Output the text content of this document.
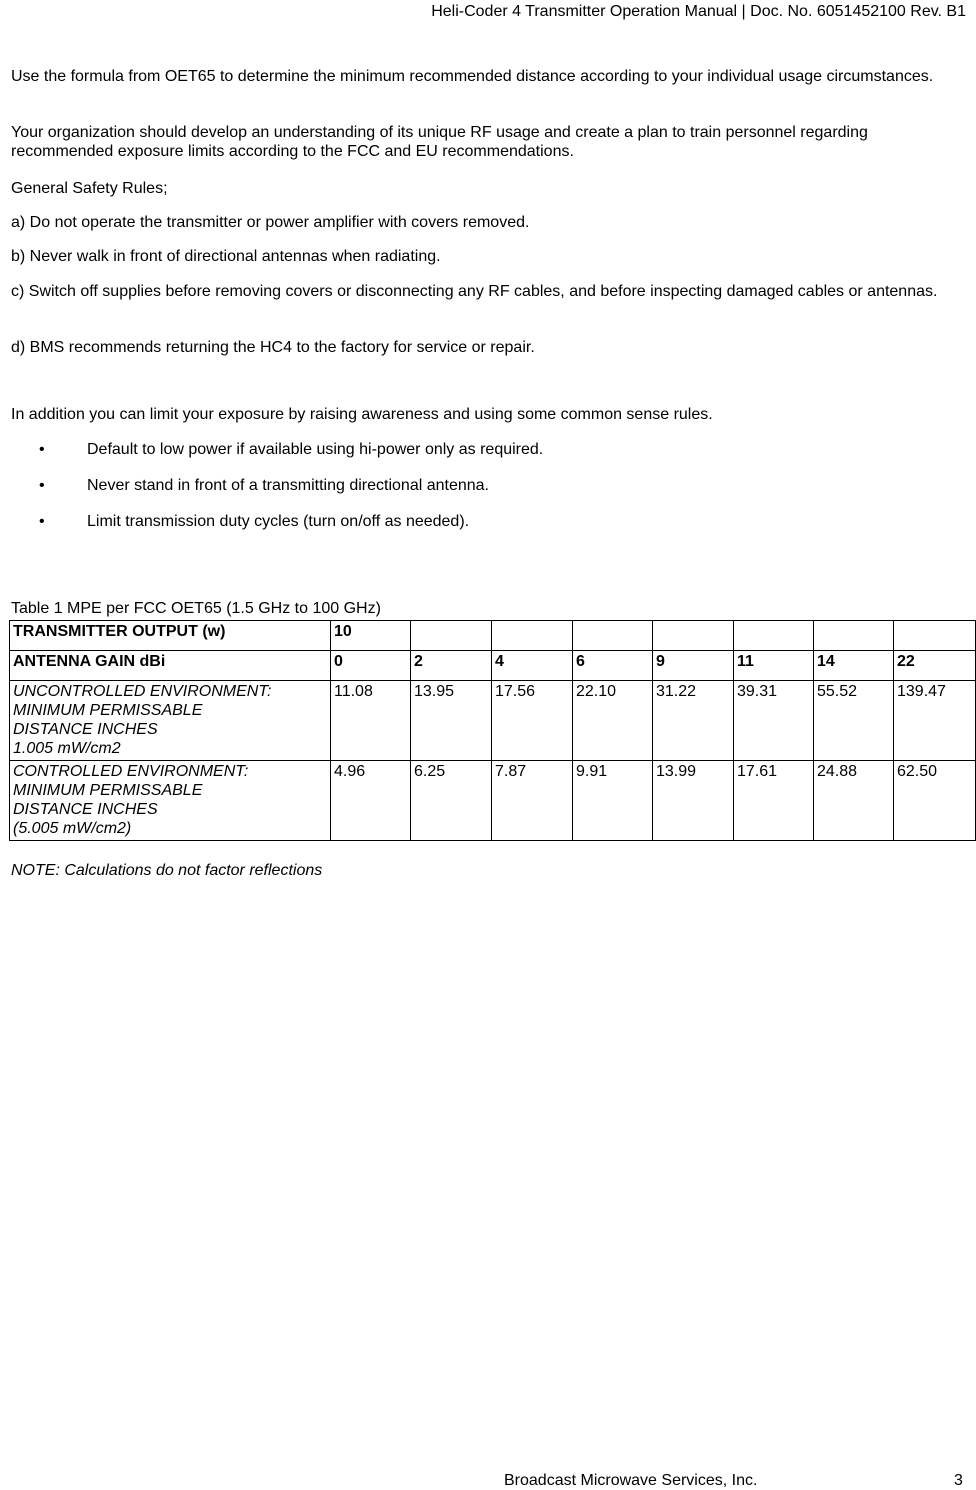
Heli-Coder 4 Transmitter Operation Manual | Doc. No. 6051452100 Rev. B1

Use the formula from OET65 to determine the minimum recommended distance according to your individual usage circumstances.

Your organization should develop an understanding of its unique RF usage and create a plan to train personnel regarding recommended exposure limits according to the FCC and EU recommendations.

General Safety Rules;

a) Do not operate the transmitter or power amplifier with covers removed.

b) Never walk in front of directional antennas when radiating.

c) Switch off supplies before removing covers or disconnecting any RF cables, and before inspecting damaged cables or antennas.

d) BMS recommends returning the HC4 to the factory for service or repair.

In addition you can limit your exposure by raising awareness and using some common sense rules.

•	Default to low power if available using hi-power only as required.
•	Never stand in front of a transmitting directional antenna.
•	Limit transmission duty cycles (turn on/off as needed).
Table 1 MPE per FCC OET65 (1.5 GHz to 100 GHz)
TRANSMITTER OUTPUT (w)	10							
ANTENNA GAIN dBi	0	2	4	6	9	11	14	22

UNCONTROLLED ENVIRONMENT:
MINIMUM PERMISSABLE
DISTANCE INCHES
1.005 mW/cm2	11.08	13.95	17.56	22.10	31.22	39.31	55.52	139.47

CONTROLLED ENVIRONMENT:
MINIMUM PERMISSABLE
DISTANCE INCHES
(5.005 mW/cm2)	4.96	6.25	7.87	9.91	13.99	17.61	24.88	62.50
NOTE: Calculations do not factor reflections
Broadcast Microwave Services, Inc.	3
